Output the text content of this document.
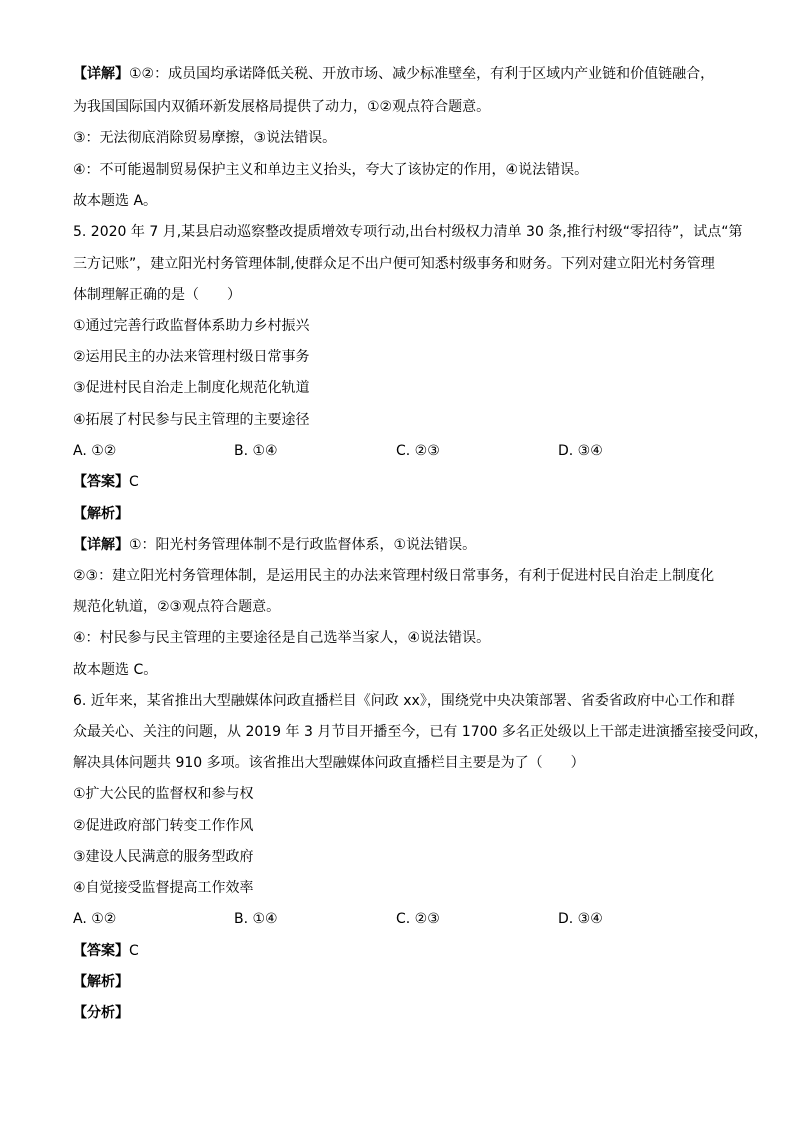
【详解】①②：成员国均承诺降低关税、开放市场、减少标准壁垒，有利于区域内产业链和价值链融合，
为我国国际国内双循环新发展格局提供了动力，①②观点符合题意。
③：无法彻底消除贸易摩擦，③说法错误。
④：不可能遏制贸易保护主义和单边主义抬头，夸大了该协定的作用，④说法错误。
故本题选 A。
5. 2020 年 7 月,某县启动巡察整改提质增效专项行动,出台村级权力清单 30 条,推行村级“零招待”，试点“第
三方记账”，建立阳光村务管理体制,使群众足不出户便可知悉村级事务和财务。下列对建立阳光村务管理
体制理解正确的是（　　）
①通过完善行政监督体系助力乡村振兴
②运用民主的办法来管理村级日常事务
③促进村民自治走上制度化规范化轨道
④拓展了村民参与民主管理的主要途径
A. ①②	B. ①④	C. ②③	D. ③④
【答案】C
【解析】
【详解】①：阳光村务管理体制不是行政监督体系，①说法错误。
②③：建立阳光村务管理体制，是运用民主的办法来管理村级日常事务，有利于促进村民自治走上制度化
规范化轨道，②③观点符合题意。
④：村民参与民主管理的主要途径是自己选举当家人，④说法错误。
故本题选 C。
6. 近年来，某省推出大型融媒体问政直播栏目《问政 xx》，围绕党中央决策部署、省委省政府中心工作和群
众最关心、关注的问题，从 2019 年 3 月节目开播至今，已有 1700 多名正处级以上干部走进演播室接受问政，
解决具体问题共 910 多项。该省推出大型融媒体问政直播栏目主要是为了（　　）
①扩大公民的监督权和参与权
②促进政府部门转变工作作风
③建设人民满意的服务型政府
④自觉接受监督提高工作效率
A. ①②	B. ①④	C. ②③	D. ③④
【答案】C
【解析】
【分析】
